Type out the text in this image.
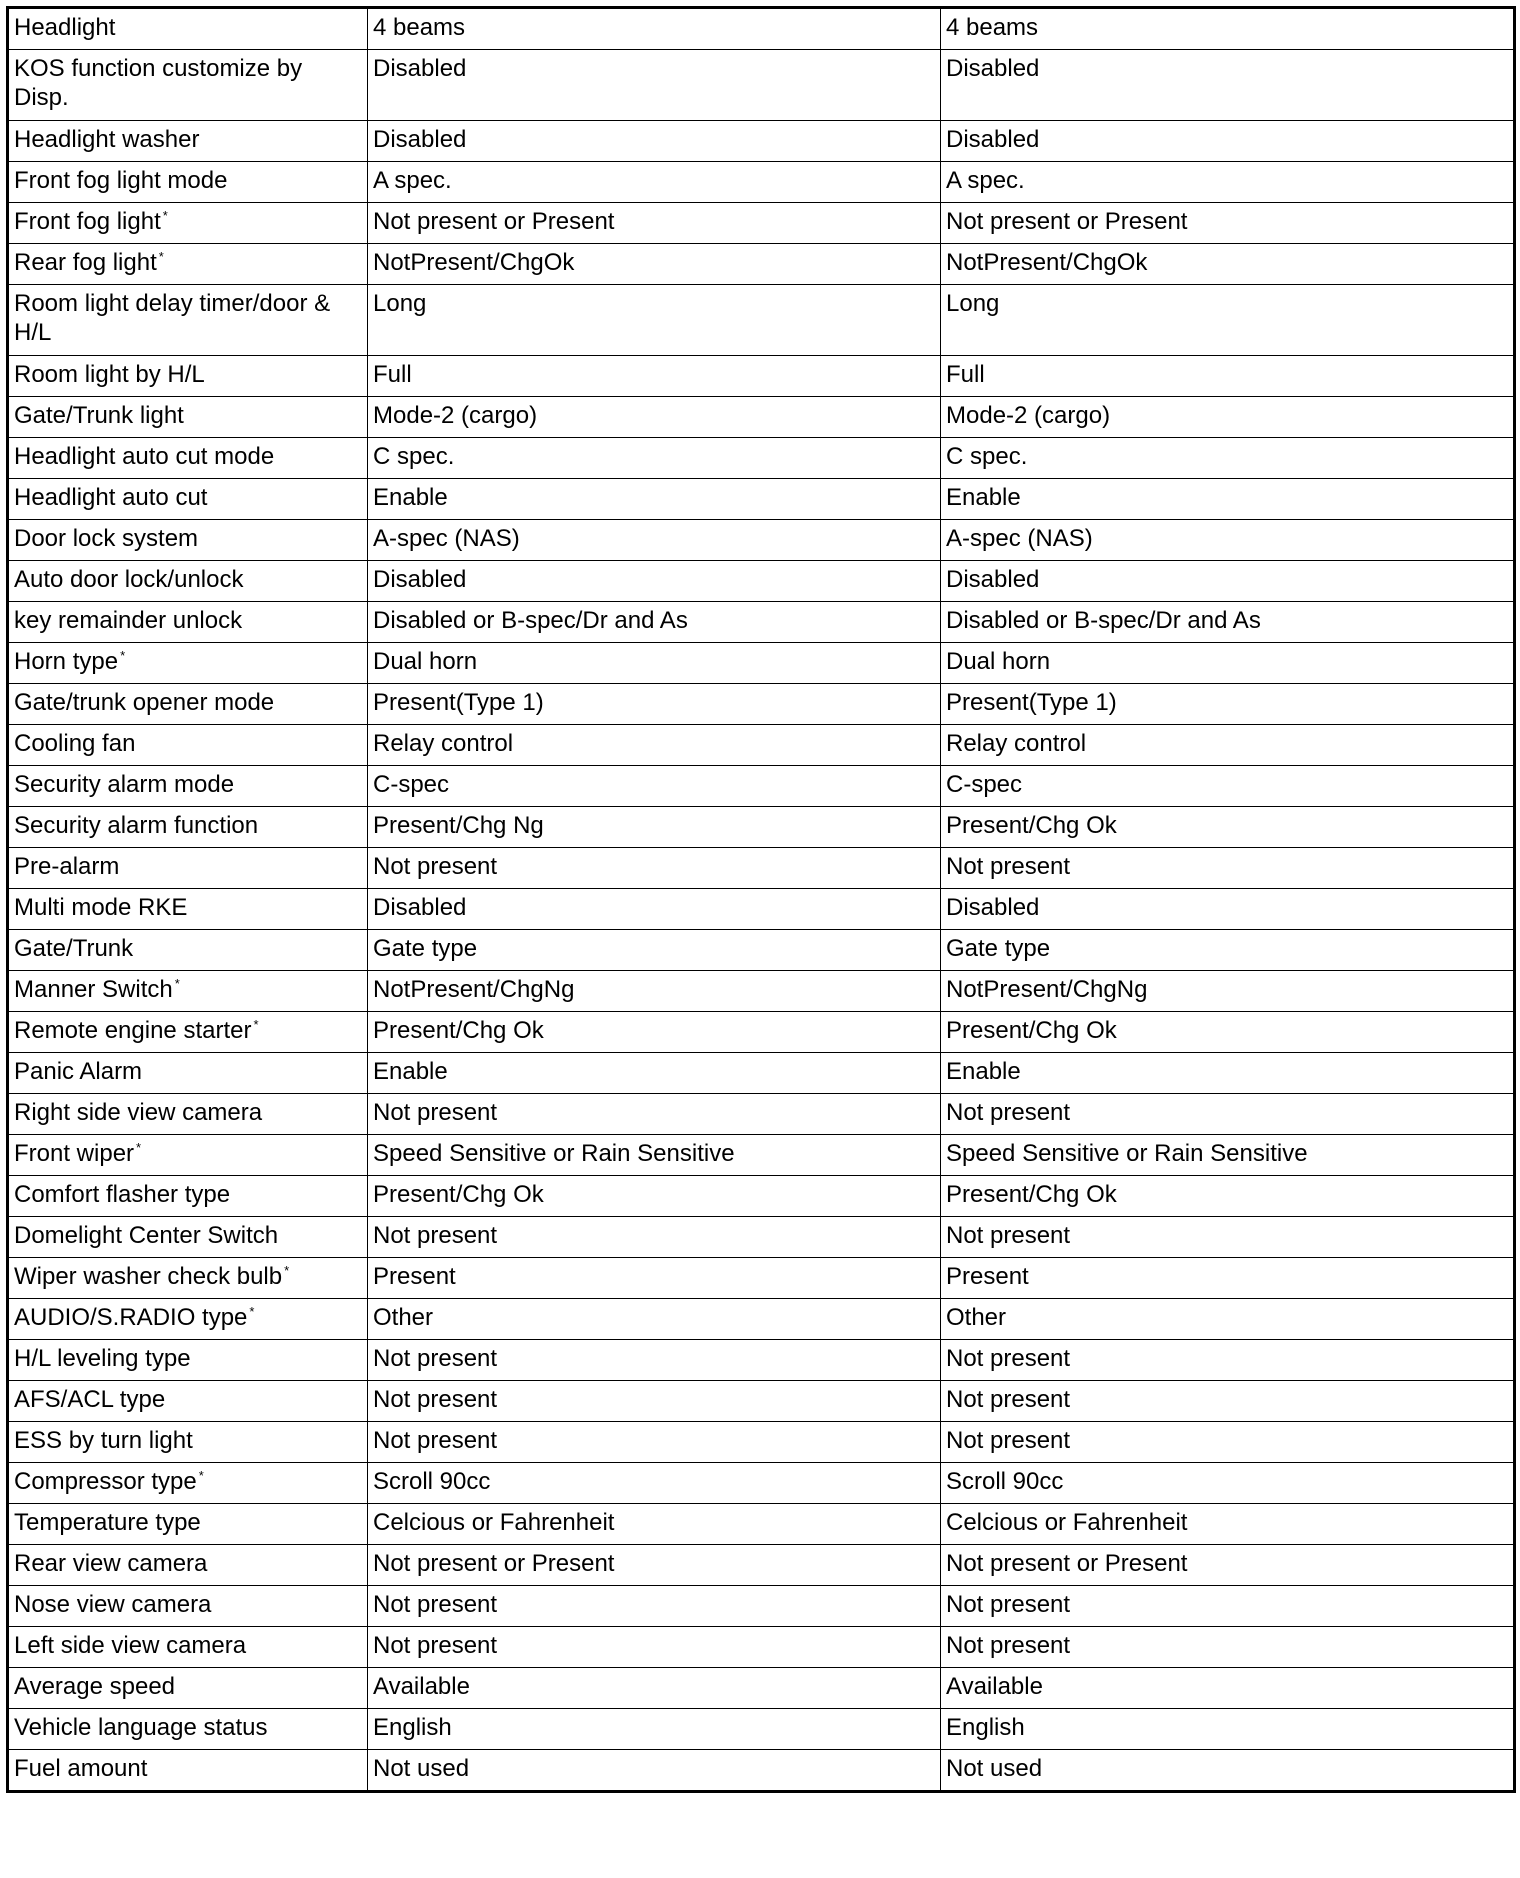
Headlight	4 beams	4 beams
KOS function customize by Disp.	Disabled	Disabled
Headlight washer	Disabled	Disabled
Front fog light mode	A spec.	A spec.
Front fog light *	Not present or Present	Not present or Present
Rear fog light *	NotPresent/ChgOk	NotPresent/ChgOk
Room light delay timer/door & H/L	Long	Long
Room light by H/L	Full	Full
Gate/Trunk light	Mode-2 (cargo)	Mode-2 (cargo)
Headlight auto cut mode	C spec.	C spec.
Headlight auto cut	Enable	Enable
Door lock system	A-spec (NAS)	A-spec (NAS)
Auto door lock/unlock	Disabled	Disabled
key remainder unlock	Disabled or B-spec/Dr and As	Disabled or B-spec/Dr and As
Horn type *	Dual horn	Dual horn
Gate/trunk opener mode	Present(Type 1)	Present(Type 1)
Cooling fan	Relay control	Relay control
Security alarm mode	C-spec	C-spec
Security alarm function	Present/Chg Ng	Present/Chg Ok
Pre-alarm	Not present	Not present
Multi mode RKE	Disabled	Disabled
Gate/Trunk	Gate type	Gate type
Manner Switch *	NotPresent/ChgNg	NotPresent/ChgNg
Remote engine starter *	Present/Chg Ok	Present/Chg Ok
Panic Alarm	Enable	Enable
Right side view camera	Not present	Not present
Front wiper *	Speed Sensitive or Rain Sensitive	Speed Sensitive or Rain Sensitive
Comfort flasher type	Present/Chg Ok	Present/Chg Ok
Domelight Center Switch	Not present	Not present
Wiper washer check bulb *	Present	Present
AUDIO/S.RADIO type *	Other	Other
H/L leveling type	Not present	Not present
AFS/ACL type	Not present	Not present
ESS by turn light	Not present	Not present
Compressor type *	Scroll 90cc	Scroll 90cc
Temperature type	Celcious or Fahrenheit	Celcious or Fahrenheit
Rear view camera	Not present or Present	Not present or Present
Nose view camera	Not present	Not present
Left side view camera	Not present	Not present
Average speed	Available	Available
Vehicle language status	English	English
Fuel amount	Not used	Not used
